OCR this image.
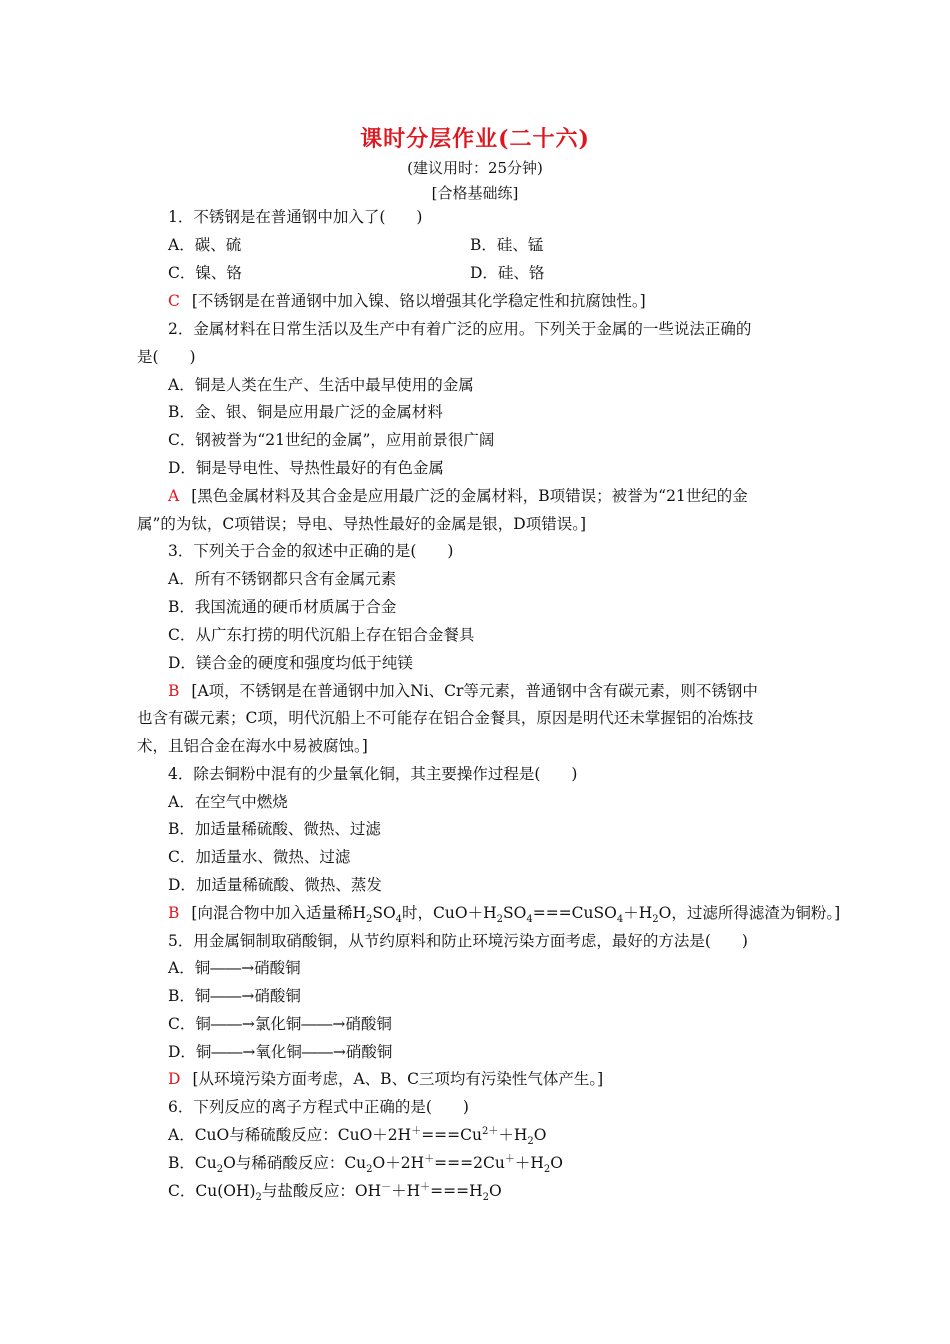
课时分层作业(二十六)
(建议用时：25分钟)
[合格基础练]
1．不锈钢是在普通钢中加入了(　　)
A．碳、硫	B．硅、锰
C．镍、铬	D．硅、铬
C [不锈钢是在普通钢中加入镍、铬以增强其化学稳定性和抗腐蚀性。]
2．金属材料在日常生活以及生产中有着广泛的应用。下列关于金属的一些说法正确的
是(　　)
A．铜是人类在生产、生活中最早使用的金属
B．金、银、铜是应用最广泛的金属材料
C．钢被誉为“21世纪的金属”，应用前景很广阔
D．铜是导电性、导热性最好的有色金属
A [黑色金属材料及其合金是应用最广泛的金属材料，B项错误；被誉为“21世纪的金
属”的为钛，C项错误；导电、导热性最好的金属是银，D项错误。]
3．下列关于合金的叙述中正确的是(　　)
A．所有不锈钢都只含有金属元素
B．我国流通的硬币材质属于合金
C．从广东打捞的明代沉船上存在铝合金餐具
D．镁合金的硬度和强度均低于纯镁
B [A项，不锈钢是在普通钢中加入Ni、Cr等元素，普通钢中含有碳元素，则不锈钢中
也含有碳元素；C项，明代沉船上不可能存在铝合金餐具，原因是明代还未掌握铝的冶炼技
术，且铝合金在海水中易被腐蚀。]
4．除去铜粉中混有的少量氧化铜，其主要操作过程是(　　)
A．在空气中燃烧
B．加适量稀硫酸、微热、过滤
C．加适量水、微热、过滤
D．加适量稀硫酸、微热、蒸发
B [向混合物中加入适量稀$H_2SO_4$时，$CuO+H_2SO_4===CuSO_4+H_2O$，过滤所得滤渣为铜粉。]
5．用金属铜制取硝酸铜，从节约原料和防止环境污染方面考虑，最好的方法是(　　)
A．铜――→硝酸铜
B．铜――→硝酸铜
C．铜――→氯化铜――→硝酸铜
D．铜――→氧化铜――→硝酸铜
D [从环境污染方面考虑，A、B、C三项均有污染性气体产生。]
6．下列反应的离子方程式中正确的是(　　)
A．CuO与稀硫酸反应：$CuO+2H^+===Cu^{2+}+H_2O$
B．$Cu_2O$与稀硝酸反应：$Cu_2O+2H^+===2Cu^++H_2O$
C．$Cu(OH)_2$与盐酸反应：$OH^-+H^+===H_2O$
